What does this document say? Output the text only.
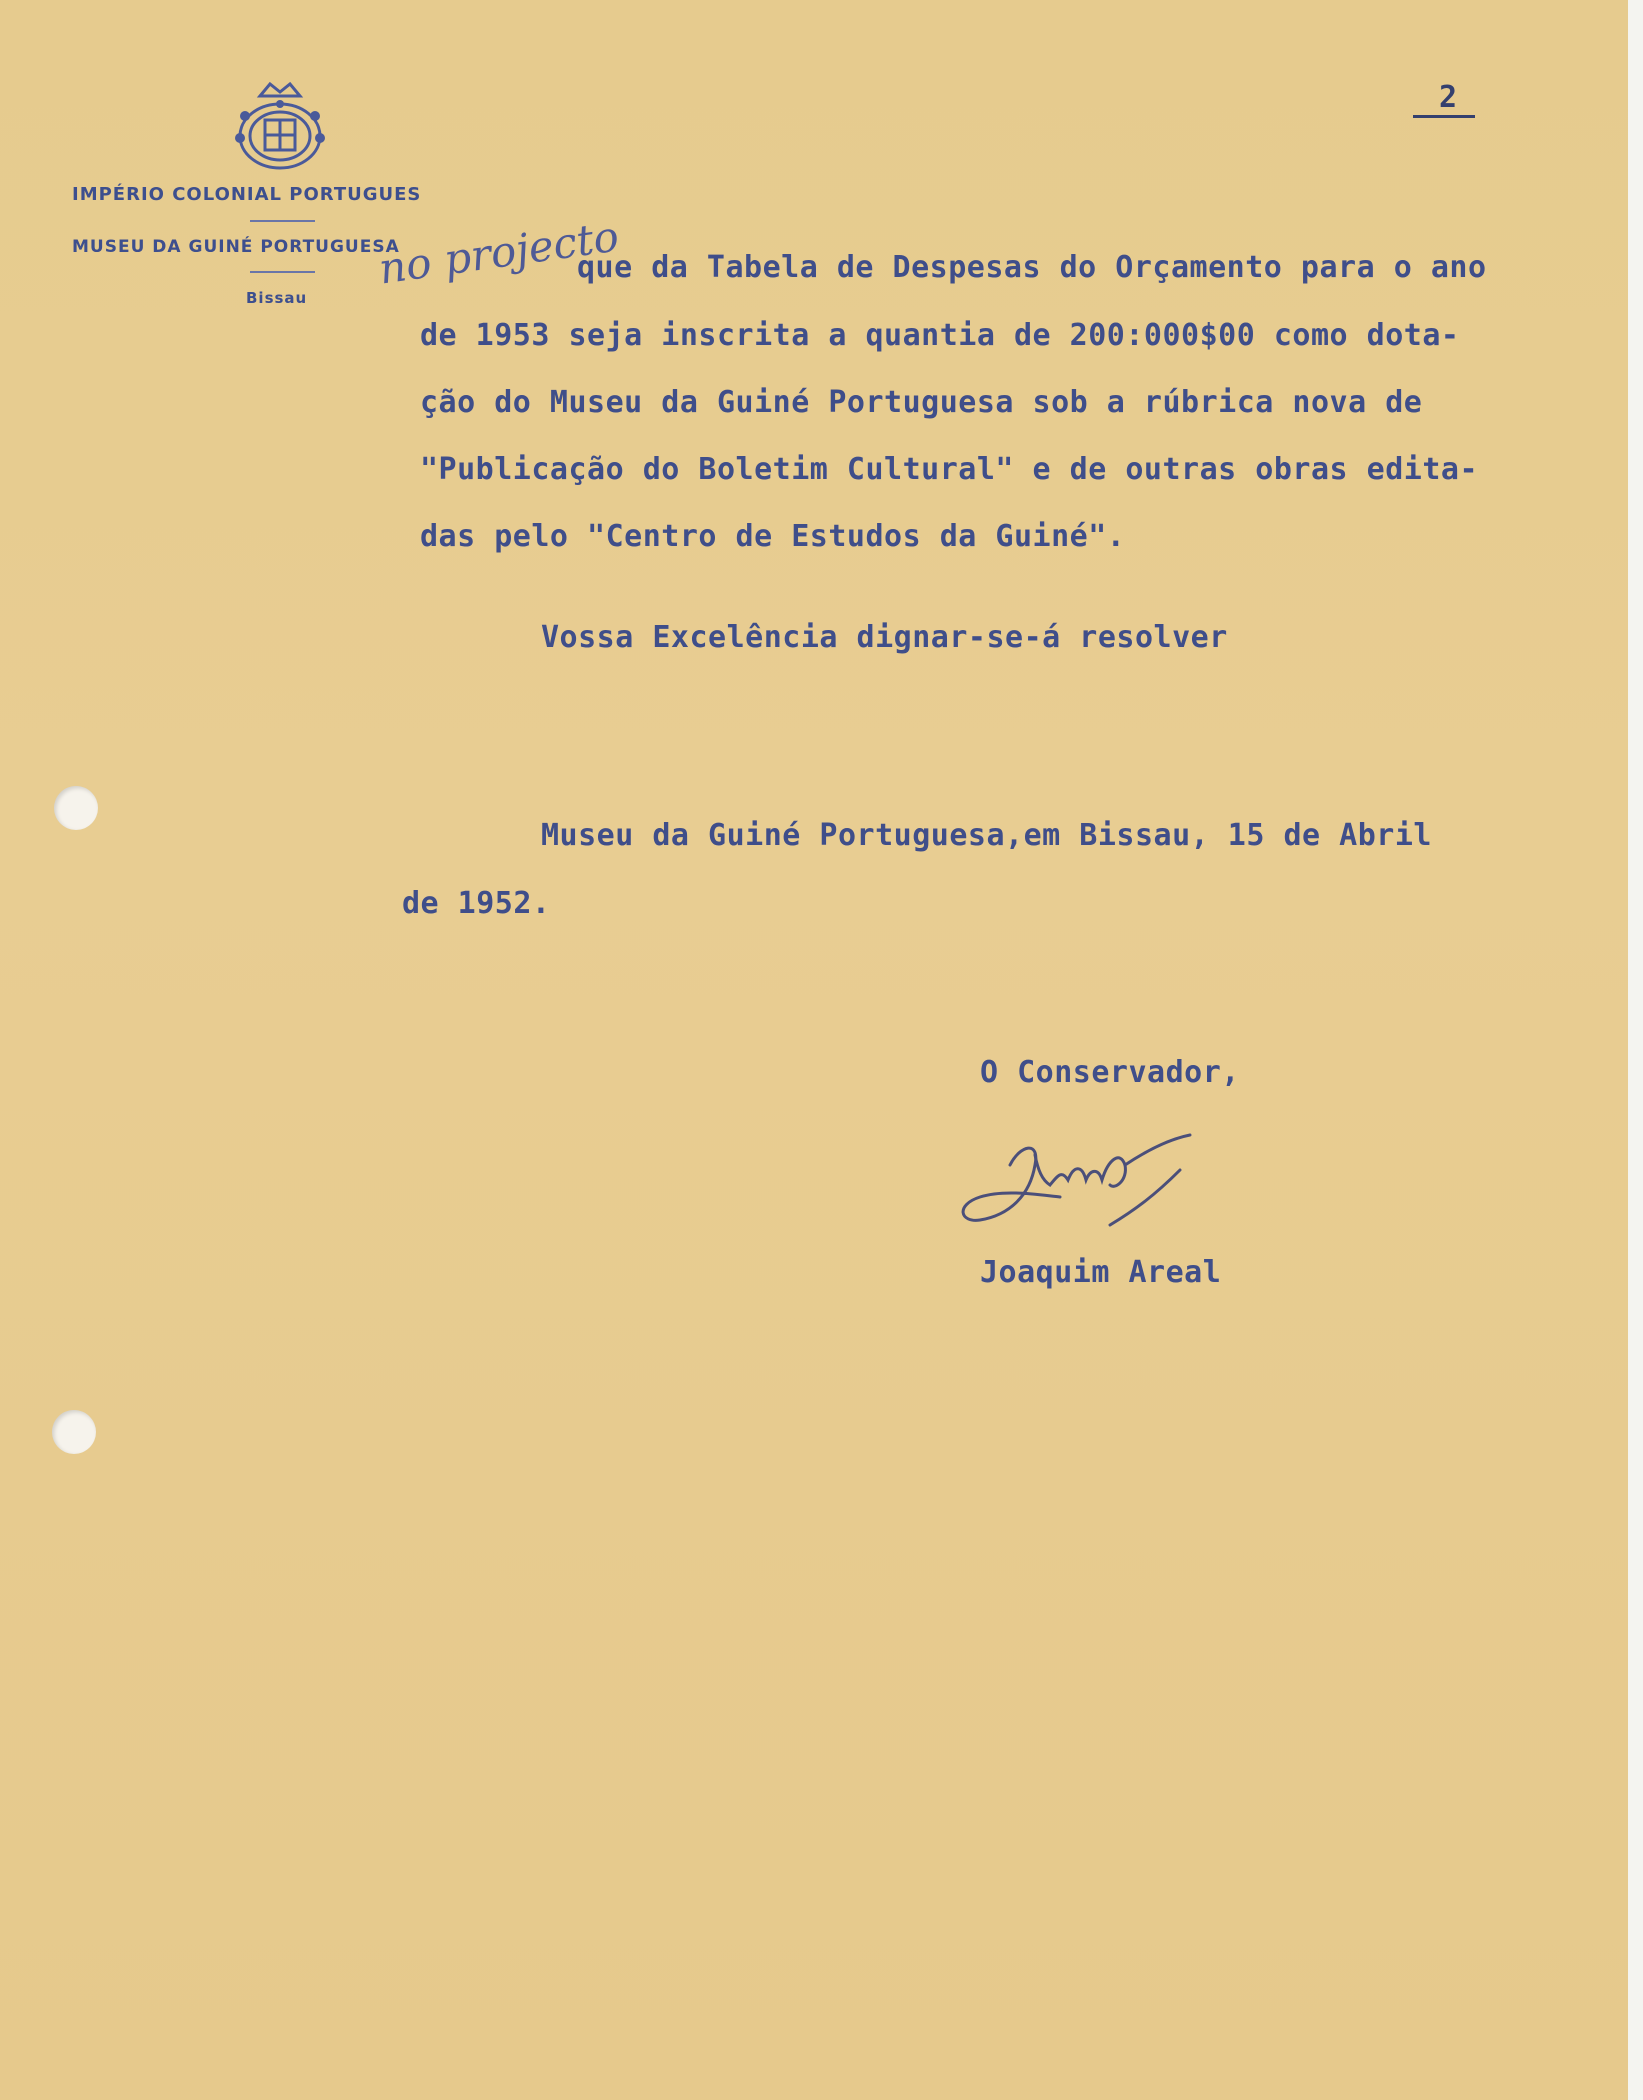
IMPÉRIO COLONIAL PORTUGUES
MUSEU DA GUINÉ PORTUGUESA
Bissau
2
no projecto
que da Tabela de Despesas do Orçamento para o ano
de 1953 seja inscrita a quantia de 200:000$00 como dota-
ção do Museu da Guiné Portuguesa sob a rúbrica nova de
"Publicação do Boletim Cultural" e de outras obras edita-
das pelo "Centro de Estudos da Guiné".
Vossa Excelência dignar-se-á resolver
Museu da Guiné Portuguesa,em Bissau, 15 de Abril
de 1952.
O Conservador,
Joaquim Areal
